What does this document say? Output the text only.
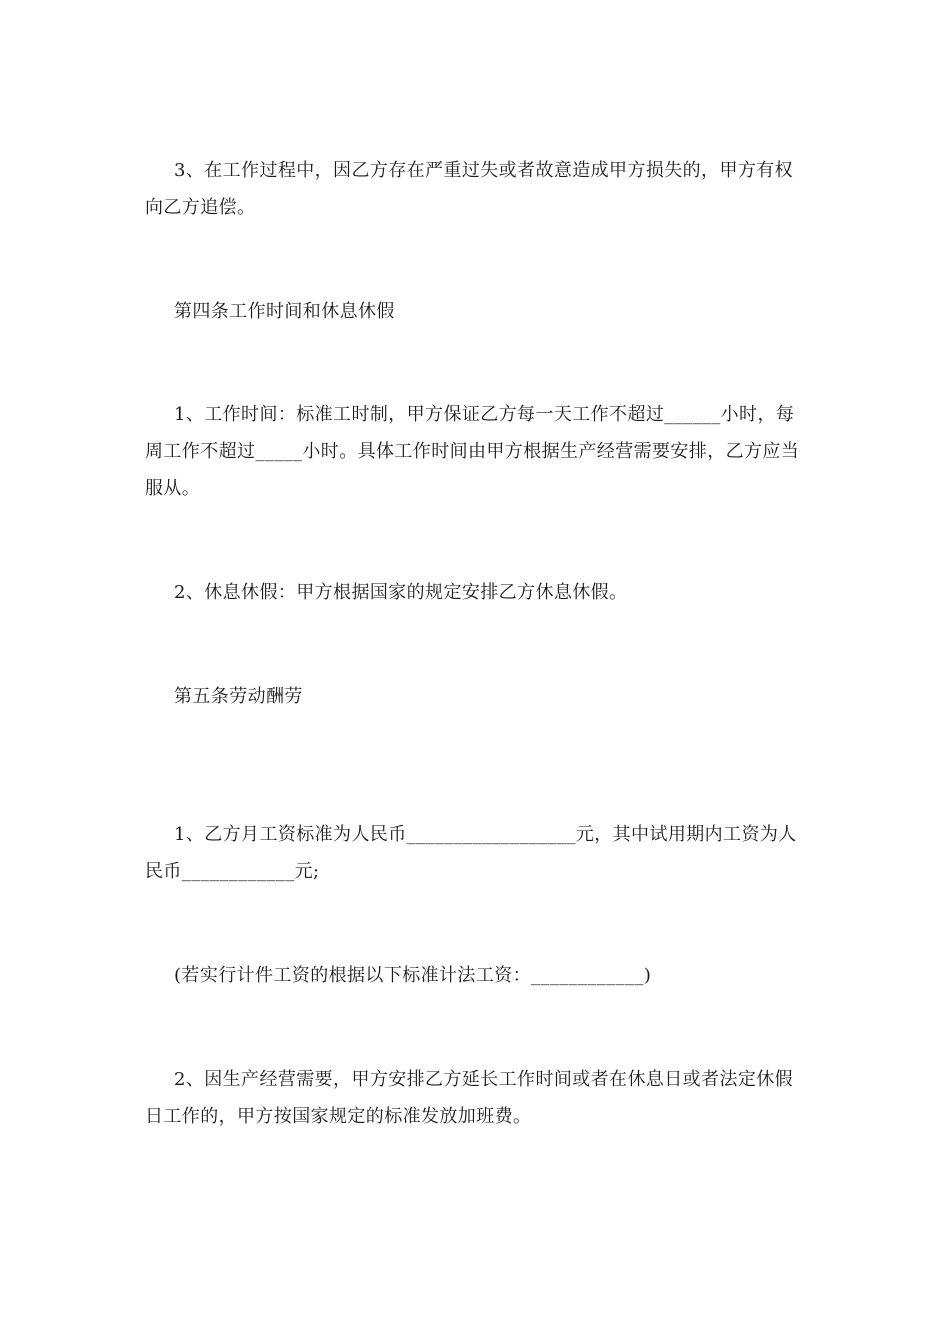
3、在工作过程中，因乙方存在严重过失或者故意造成甲方损失的，甲方有权向乙方追偿。

第四条工作时间和休息休假

1、工作时间：标准工时制，甲方保证乙方每一天工作不超过______小时，每周工作不超过_____小时。具体工作时间由甲方根据生产经营需要安排，乙方应当服从。

2、休息休假：甲方根据国家的规定安排乙方休息休假。

第五条劳动酬劳

1、乙方月工资标准为人民币__________________元，其中试用期内工资为人民币____________元;

(若实行计件工资的根据以下标准计法工资：____________)

2、因生产经营需要，甲方安排乙方延长工作时间或者在休息日或者法定休假日工作的，甲方按国家规定的标准发放加班费。
